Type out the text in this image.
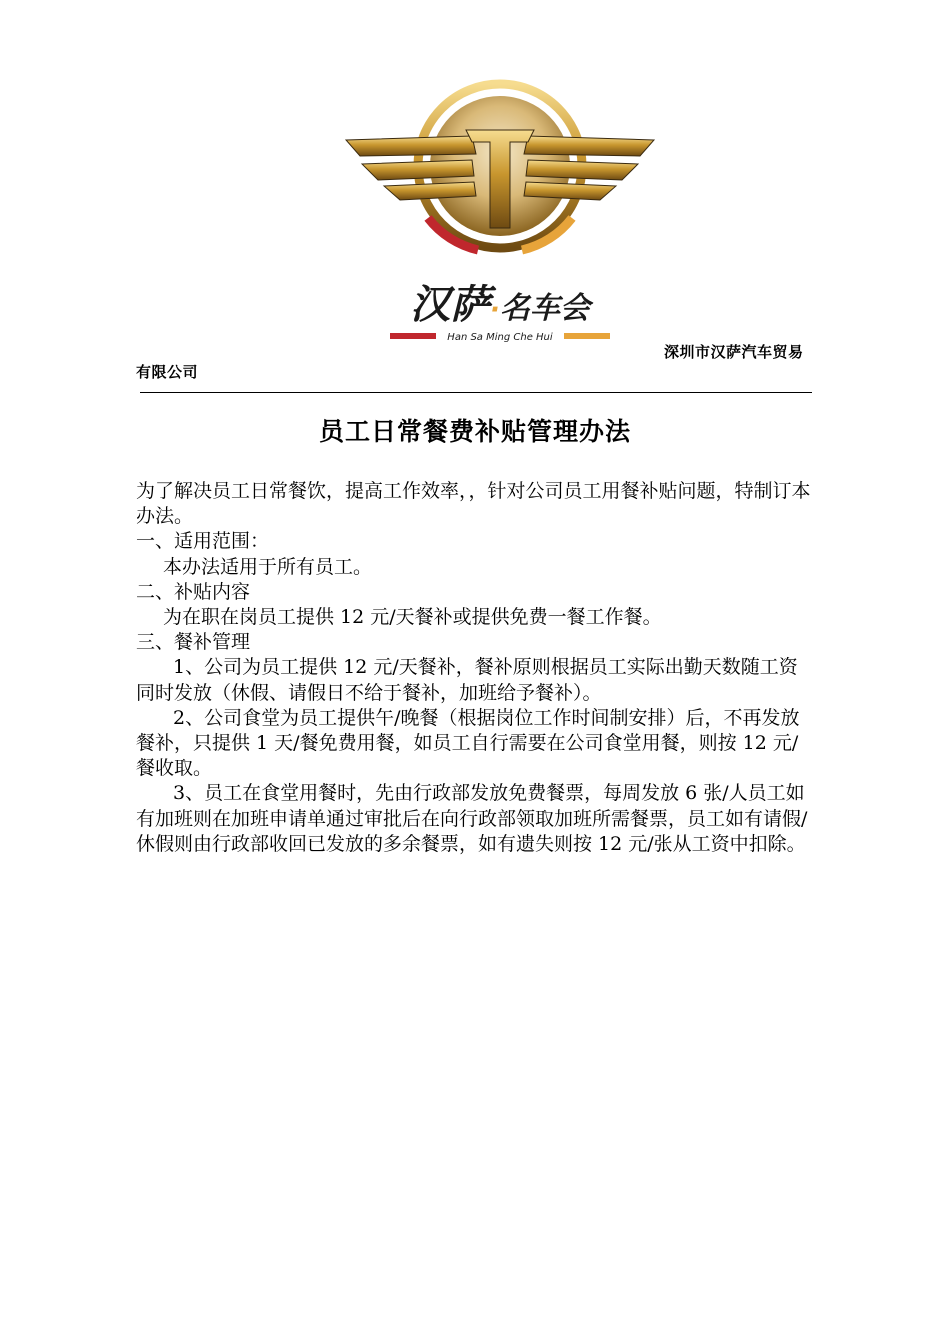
汉萨·名车会
Han Sa Ming Che Hui
深圳市汉萨汽车贸易
有限公司
员工日常餐费补贴管理办法

为了解决员工日常餐饮，提高工作效率，，针对公司员工用餐补贴问题，特制订本办法。

一、适用范围：

本办法适用于所有员工。

二、补贴内容

为在职在岗员工提供 12 元/天餐补或提供免费一餐工作餐。

三、餐补管理

1、公司为员工提供 12 元/天餐补，餐补原则根据员工实际出勤天数随工资同时发放（休假、请假日不给于餐补，加班给予餐补）。

2、公司食堂为员工提供午/晚餐（根据岗位工作时间制安排）后，不再发放餐补，只提供 1 天/餐免费用餐，如员工自行需要在公司食堂用餐，则按 12 元/餐收取。

3、员工在食堂用餐时，先由行政部发放免费餐票，每周发放 6 张/人员工如有加班则在加班申请单通过审批后在向行政部领取加班所需餐票，员工如有请假/休假则由行政部收回已发放的多余餐票，如有遗失则按 12 元/张从工资中扣除。
